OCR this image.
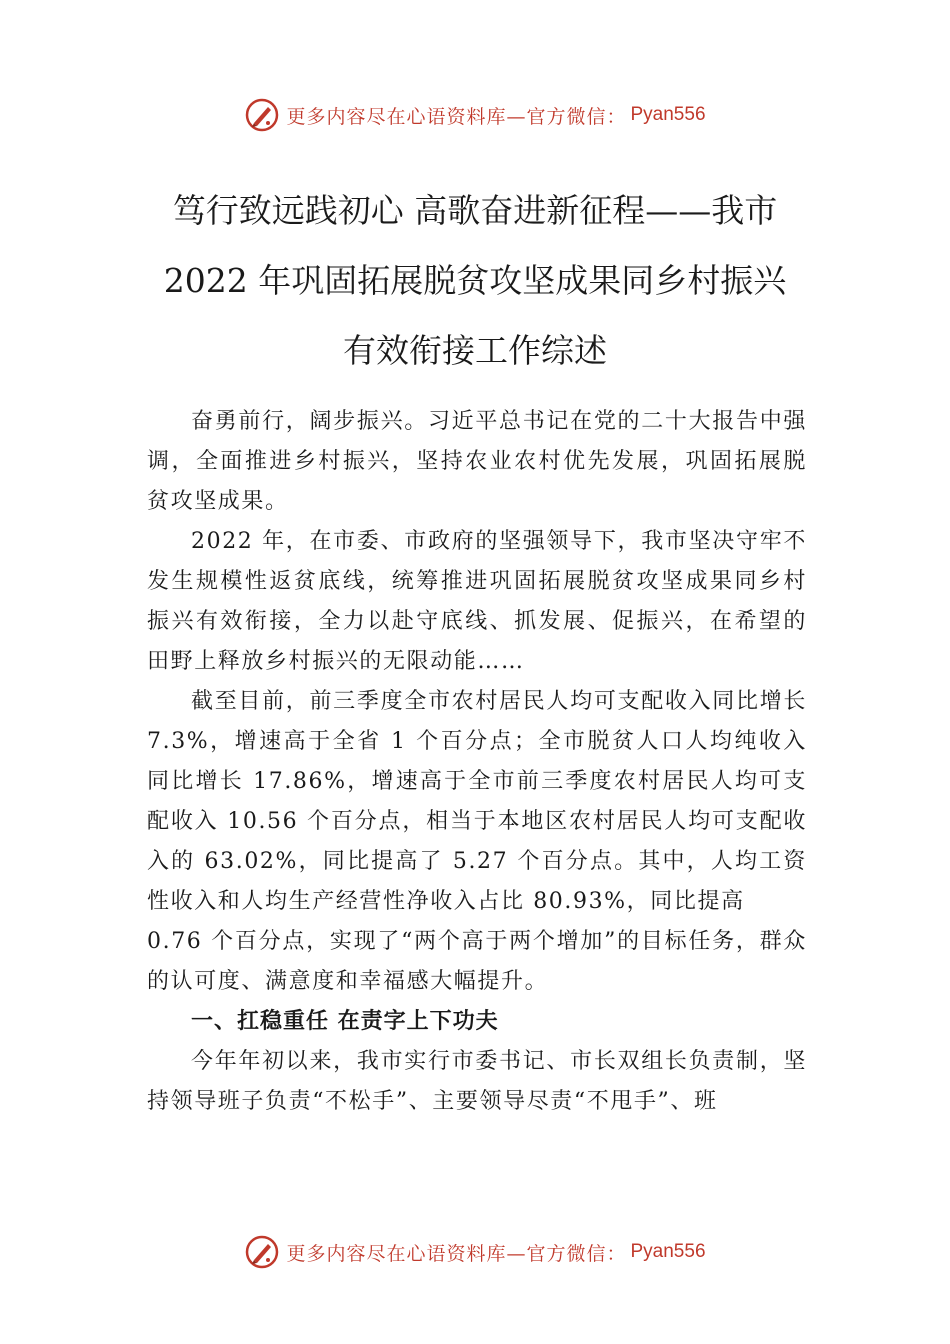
更多内容尽在心语资料库—官方微信： Pyan556
笃行致远践初心 高歌奋进新征程——我市
2022 年巩固拓展脱贫攻坚成果同乡村振兴
有效衔接工作综述

奋勇前行，阔步振兴。习近平总书记在党的二十大报告中强调，全面推进乡村振兴，坚持农业农村优先发展，巩固拓展脱贫攻坚成果。

2022 年，在市委、市政府的坚强领导下，我市坚决守牢不发生规模性返贫底线，统筹推进巩固拓展脱贫攻坚成果同乡村振兴有效衔接，全力以赴守底线、抓发展、促振兴，在希望的田野上释放乡村振兴的无限动能……

截至目前，前三季度全市农村居民人均可支配收入同比增长 7.3%，增速高于全省 1 个百分点；全市脱贫人口人均纯收入同比增长 17.86%，增速高于全市前三季度农村居民人均可支配收入 10.56 个百分点，相当于本地区农村居民人均可支配收入的 63.02%，同比提高了 5.27 个百分点。其中，人均工资性收入和人均生产经营性净收入占比 80.93%，同比提高

0.76 个百分点，实现了“两个高于两个增加”的目标任务，群众的认可度、满意度和幸福感大幅提升。

一、扛稳重任 在责字上下功夫

今年年初以来，我市实行市委书记、市长双组长负责制，坚持领导班子负责“不松手”、主要领导尽责“不甩手”、班

更多内容尽在心语资料库—官方微信： Pyan556
